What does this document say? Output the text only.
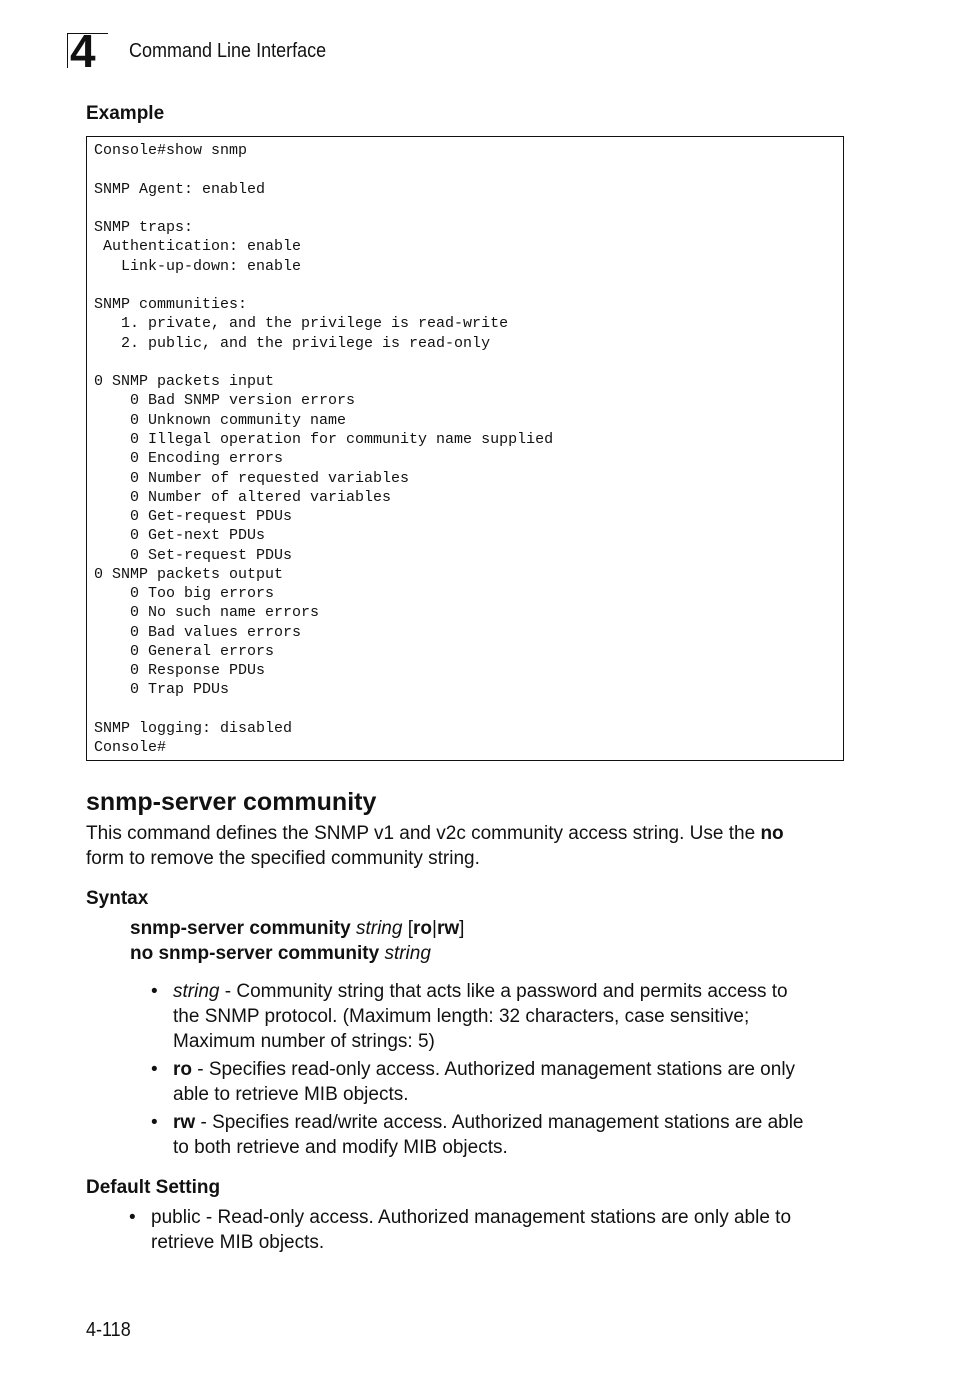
4 Command Line Interface
Example
Console#show snmp

SNMP Agent: enabled

SNMP traps:
Authentication: enable
Link-up-down: enable

SNMP communities:
1. private, and the privilege is read-write
2. public, and the privilege is read-only

0 SNMP packets input
0 Bad SNMP version errors
0 Unknown community name
0 Illegal operation for community name supplied
0 Encoding errors
0 Number of requested variables
0 Number of altered variables
0 Get-request PDUs
0 Get-next PDUs
0 Set-request PDUs
0 SNMP packets output
0 Too big errors
0 No such name errors
0 Bad values errors
0 General errors
0 Response PDUs
0 Trap PDUs

SNMP logging: disabled
Console#
snmp-server community
This command defines the SNMP v1 and v2c community access string. Use the no
form to remove the specified community string.
Syntax
snmp-server community string [ro|rw]
no snmp-server community string
• string - Community string that acts like a password and permits access to
the SNMP protocol. (Maximum length: 32 characters, case sensitive;
Maximum number of strings: 5)
• ro - Specifies read-only access. Authorized management stations are only
able to retrieve MIB objects.
• rw - Specifies read/write access. Authorized management stations are able
to both retrieve and modify MIB objects.
Default Setting
• public - Read-only access. Authorized management stations are only able to
retrieve MIB objects.
4-118
